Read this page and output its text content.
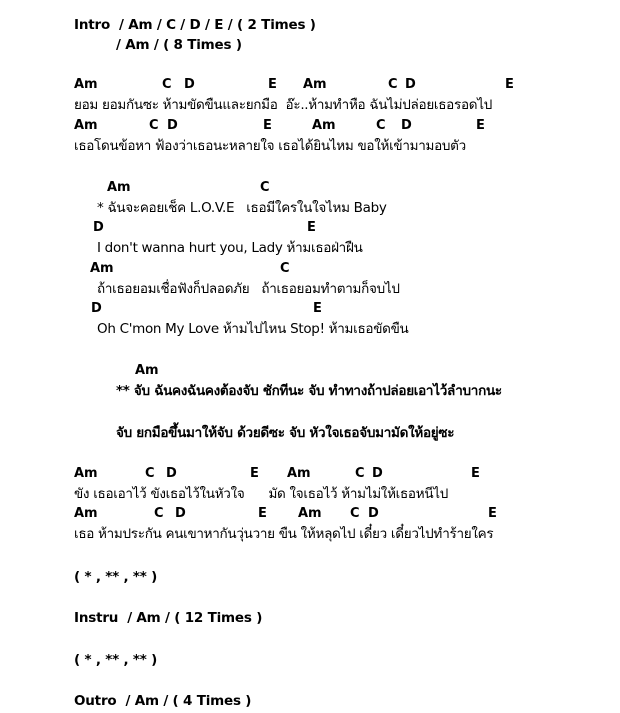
Intro  / Am / C / D / E / ( 2 Times )
/ Am / ( 8 Times )
Am	C D	E Am	C D	E
ยอม ยอมกันซะ ห้ามขัดขืนและยกมือ  อ๊ะ..ห้ามทำหือ ฉันไม่ปล่อยเธอรอดไป
Am	C D	E	Am	C D	E
เธอโดนข้อหา ฟ้องว่าเธอนะหลายใจ เธอได้ยินไหม ขอให้เข้ามามอบตัว
Am	C
* ฉันจะคอยเช็ค L.O.V.E   เธอมีใครในใจไหม Baby
D	E
I don't wanna hurt you, Lady ห้ามเธอฝ่าฝืน
Am	C
ถ้าเธอยอมเชื่อฟังก็ปลอดภัย   ถ้าเธอยอมทำตามก็จบไป
D	E
Oh C'mon My Love ห้ามไปไหน Stop! ห้ามเธอขัดขืน
Am
** จับ ฉันคงฉันคงต้องจับ ชักทีนะ จับ ทำทางถ้าปล่อยเอาไว้ลำบากนะ
จับ ยกมือขึ้นมาให้จับ ด้วยดีซะ จับ หัวใจเธอจับมามัดให้อยู่ซะ
Am	C D	E Am	C D	E
ขัง เธอเอาไว้ ขังเธอไว้ในหัวใจ      มัด ใจเธอไว้ ห้ามไม่ให้เธอหนีไป
Am	C D	E Am C D	E
เธอ ห้ามประกัน คนเขาหากันวุ่นวาย ขืน ให้หลุดไป เดี๋ยว เดี๋ยวไปทำร้ายใคร
( * , ** , ** )
Instru  / Am / ( 12 Times )
( * , ** , ** )
Outro  / Am / ( 4 Times )
